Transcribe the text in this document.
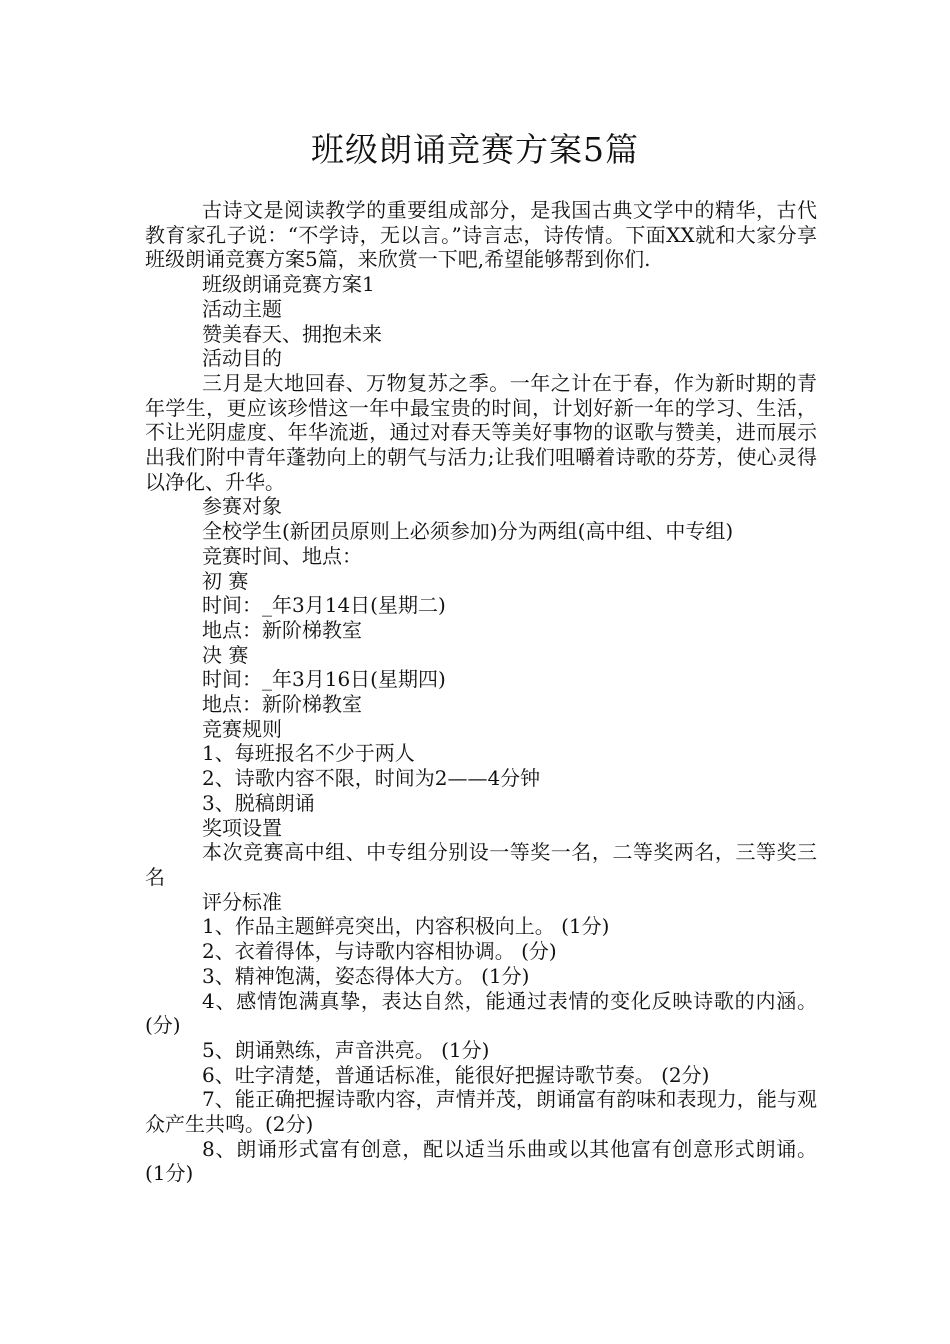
班级朗诵竞赛方案5篇

古诗文是阅读教学的重要组成部分，是我国古典文学中的精华，古代教育家孔子说：“不学诗，无以言。”诗言志，诗传情。下面XX就和大家分享班级朗诵竞赛方案5篇，来欣赏一下吧,希望能够帮到你们.

班级朗诵竞赛方案1

活动主题

赞美春天、拥抱未来

活动目的

三月是大地回春、万物复苏之季。一年之计在于春，作为新时期的青年学生，更应该珍惜这一年中最宝贵的时间，计划好新一年的学习、生活，不让光阴虚度、年华流逝，通过对春天等美好事物的讴歌与赞美，进而展示出我们附中青年蓬勃向上的朝气与活力;让我们咀嚼着诗歌的芬芳，使心灵得以净化、升华。

参赛对象

全校学生(新团员原则上必须参加)分为两组(高中组、中专组)

竞赛时间、地点：

初 赛

时间：_年3月14日(星期二)

地点：新阶梯教室

决 赛

时间：_年3月16日(星期四)

地点：新阶梯教室

竞赛规则

1、每班报名不少于两人

2、诗歌内容不限，时间为2——4分钟

3、脱稿朗诵

奖项设置

本次竞赛高中组、中专组分别设一等奖一名，二等奖两名，三等奖三名

评分标准

1、作品主题鲜亮突出，内容积极向上。 (1分)

2、衣着得体，与诗歌内容相协调。 (分)

3、精神饱满，姿态得体大方。 (1分)

4、感情饱满真挚，表达自然，能通过表情的变化反映诗歌的内涵。 (分)

5、朗诵熟练，声音洪亮。 (1分)

6、吐字清楚，普通话标准，能很好把握诗歌节奏。 (2分)

7、能正确把握诗歌内容，声情并茂，朗诵富有韵味和表现力，能与观众产生共鸣。(2分)

8、朗诵形式富有创意，配以适当乐曲或以其他富有创意形式朗诵。 (1分)
